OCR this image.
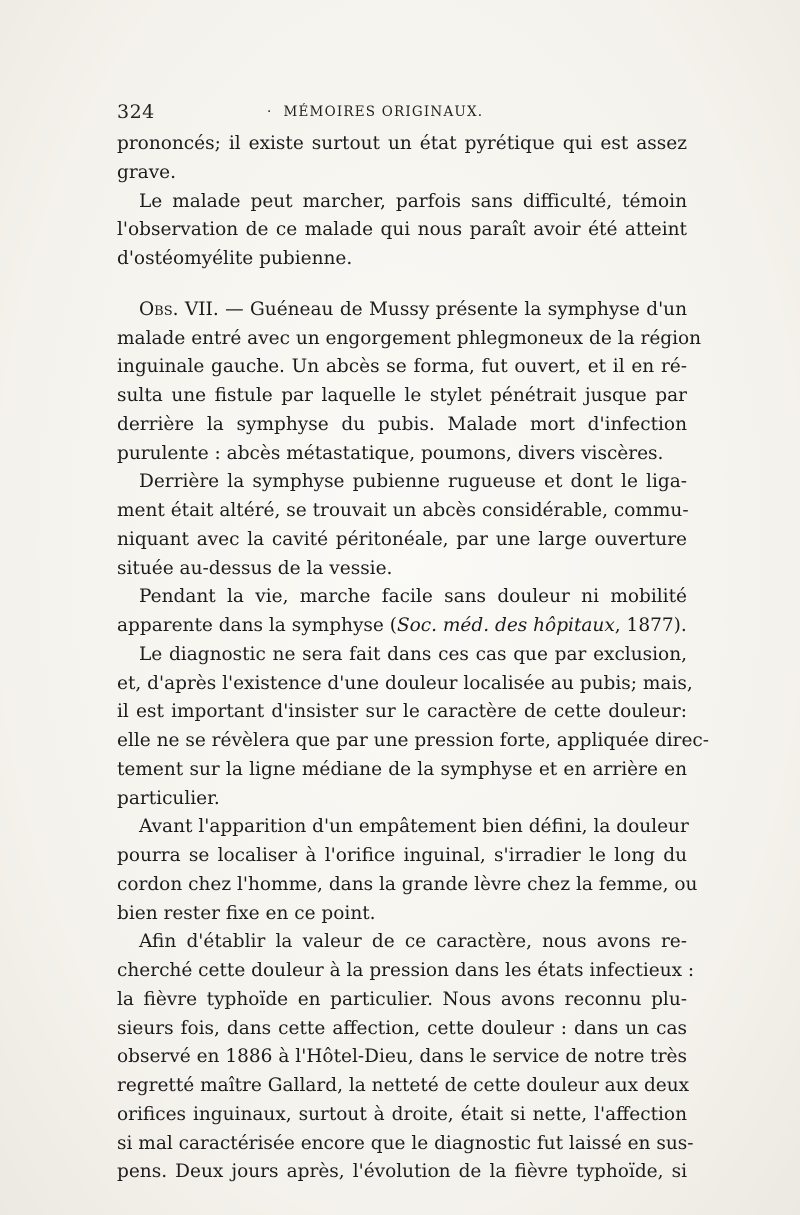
324	· MÉMOIRES ORIGINAUX.
prononcés; il existe surtout un état pyrétique qui est assez
grave.
Le malade peut marcher, parfois sans difficulté, témoin
l'observation de ce malade qui nous paraît avoir été atteint
d'ostéomyélite pubienne.
Obs. VII. — Guéneau de Mussy présente la symphyse d'un
malade entré avec un engorgement phlegmoneux de la région
inguinale gauche. Un abcès se forma, fut ouvert, et il en ré-
sulta une fistule par laquelle le stylet pénétrait jusque par
derrière la symphyse du pubis. Malade mort d'infection
purulente : abcès métastatique, poumons, divers viscères.
Derrière la symphyse pubienne rugueuse et dont le liga-
ment était altéré, se trouvait un abcès considérable, commu-
niquant avec la cavité péritonéale, par une large ouverture
située au-dessus de la vessie.
Pendant la vie, marche facile sans douleur ni mobilité
apparente dans la symphyse (Soc. méd. des hôpitaux, 1877).
Le diagnostic ne sera fait dans ces cas que par exclusion,
et, d'après l'existence d'une douleur localisée au pubis; mais,
il est important d'insister sur le caractère de cette douleur:
elle ne se révèlera que par une pression forte, appliquée direc-
tement sur la ligne médiane de la symphyse et en arrière en
particulier.
Avant l'apparition d'un empâtement bien défini, la douleur
pourra se localiser à l'orifice inguinal, s'irradier le long du
cordon chez l'homme, dans la grande lèvre chez la femme, ou
bien rester fixe en ce point.
Afin d'établir la valeur de ce caractère, nous avons re-
cherché cette douleur à la pression dans les états infectieux :
la fièvre typhoïde en particulier. Nous avons reconnu plu-
sieurs fois, dans cette affection, cette douleur : dans un cas
observé en 1886 à l'Hôtel-Dieu, dans le service de notre très
regretté maître Gallard, la netteté de cette douleur aux deux
orifices inguinaux, surtout à droite, était si nette, l'affection
si mal caractérisée encore que le diagnostic fut laissé en sus-
pens. Deux jours après, l'évolution de la fièvre typhoïde, si
